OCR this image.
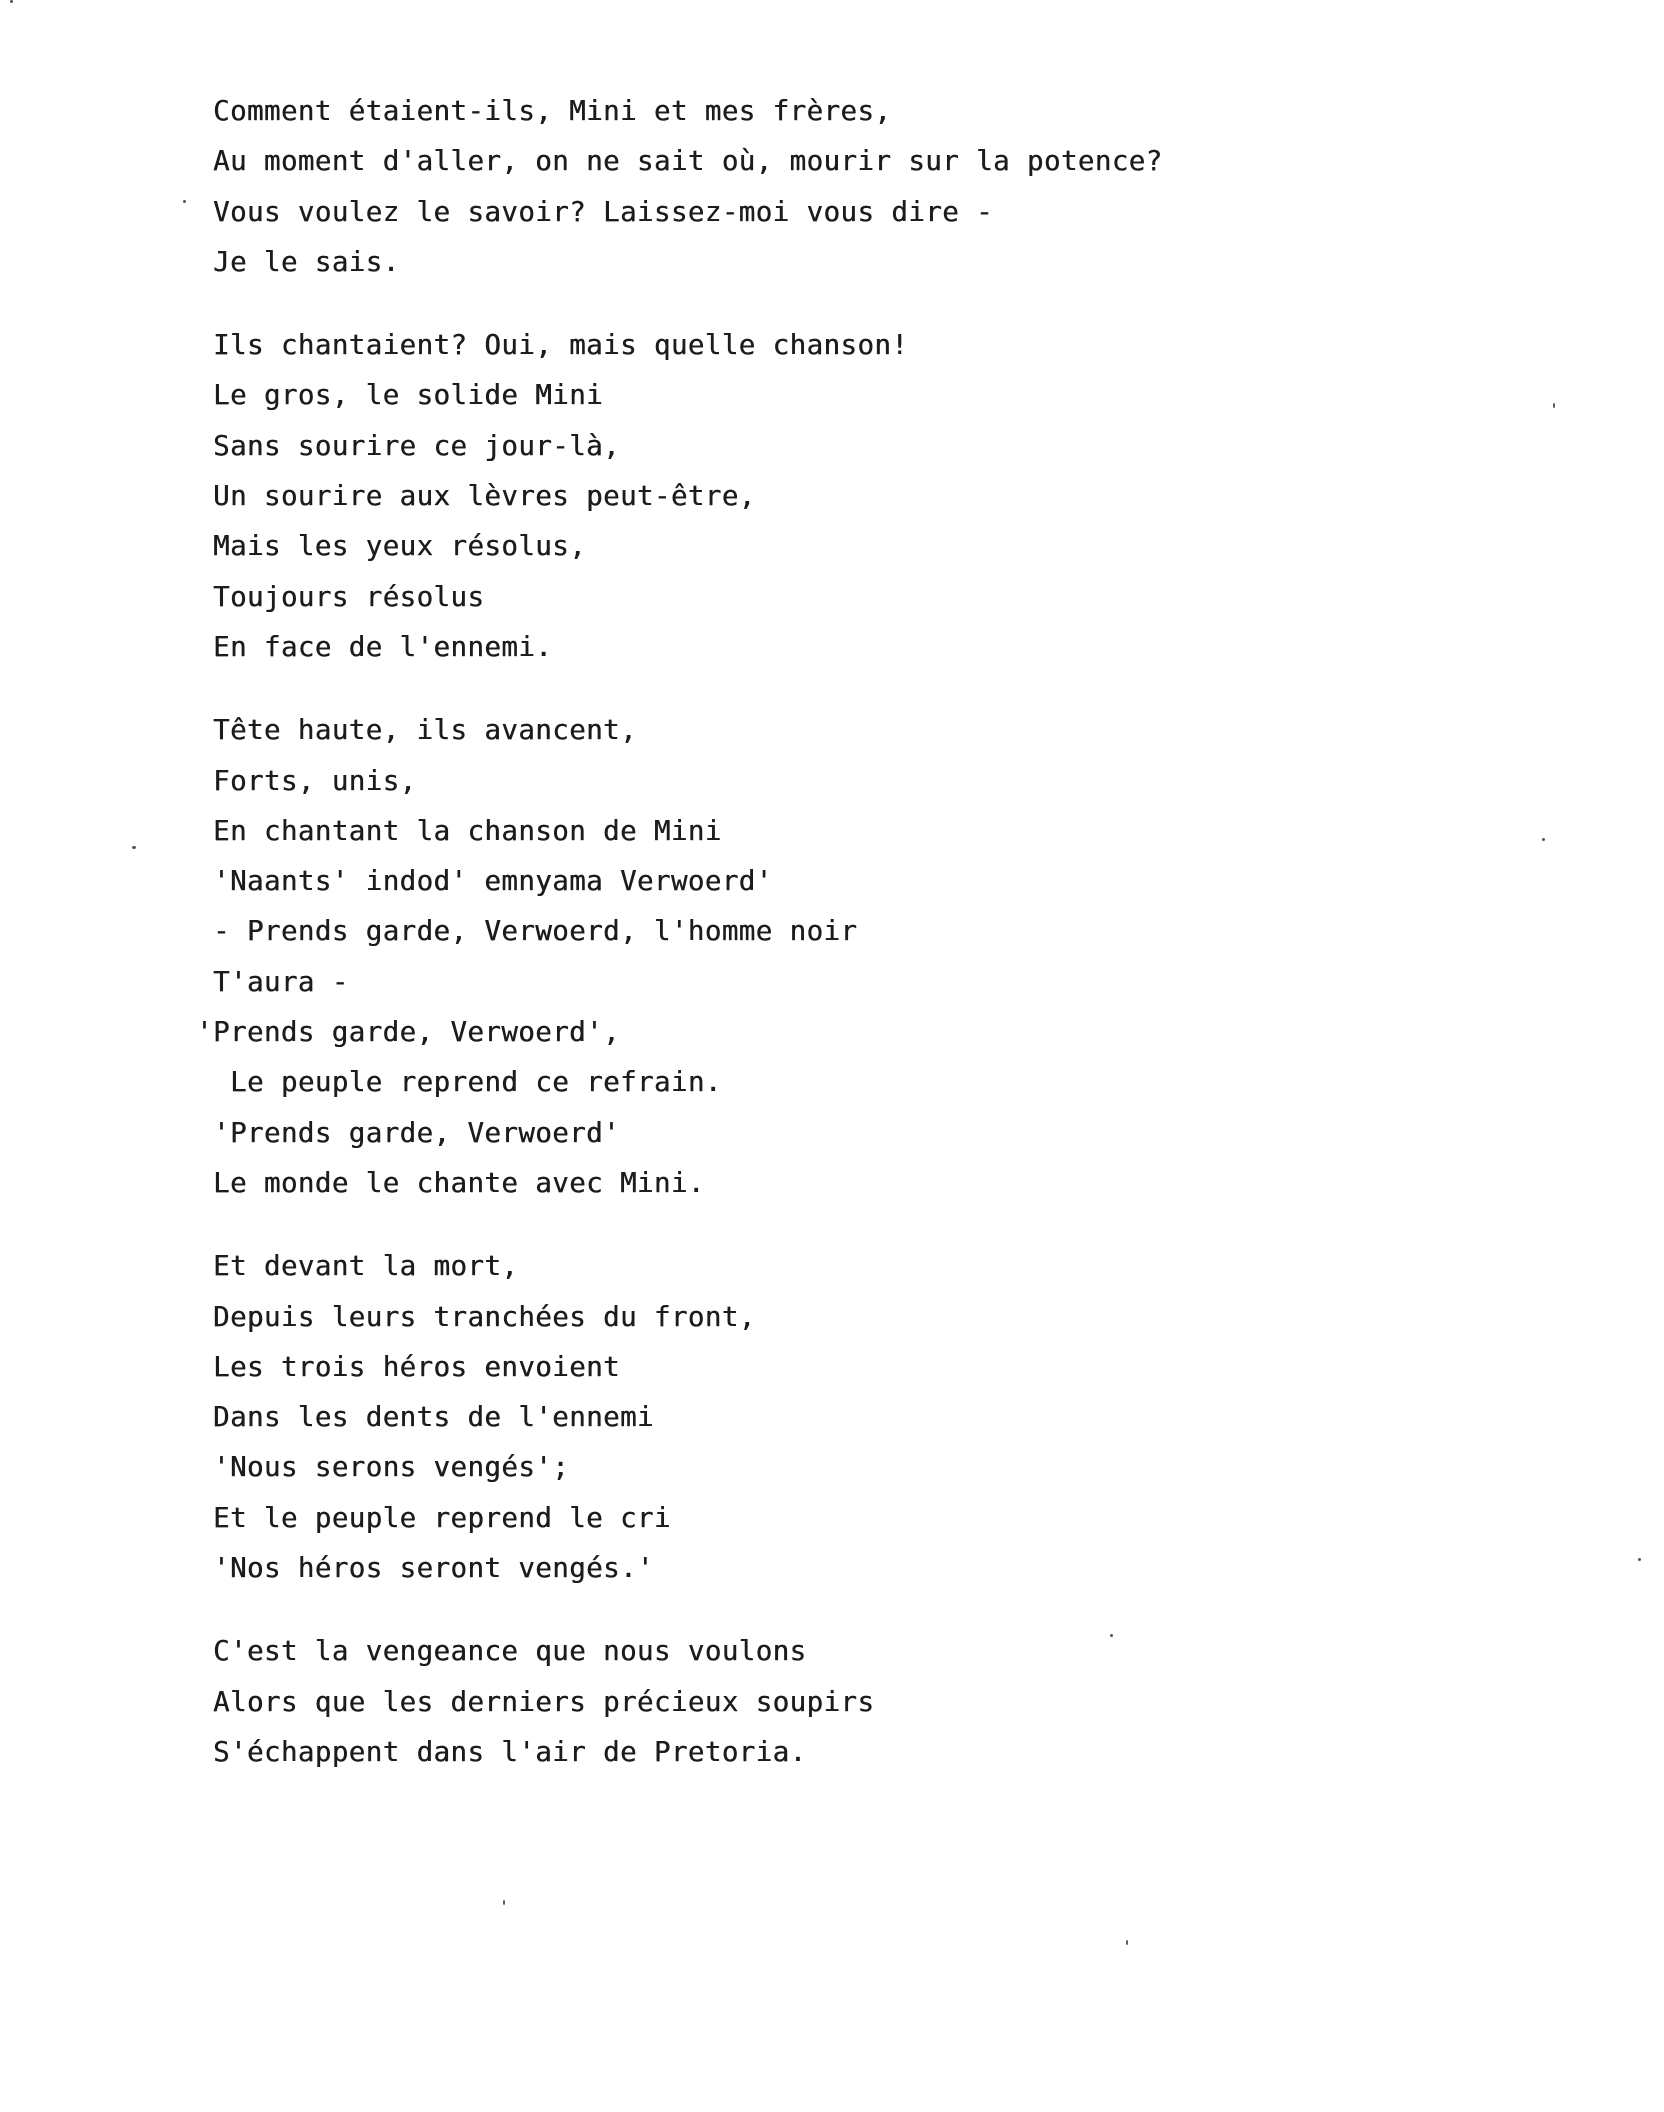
Comment étaient-ils, Mini et mes frères,
Au moment d'aller, on ne sait où, mourir sur la potence?
Vous voulez le savoir? Laissez-moi vous dire -
Je le sais.
Ils chantaient? Oui, mais quelle chanson!
Le gros, le solide Mini
Sans sourire ce jour-là,
Un sourire aux lèvres peut-être,
Mais les yeux résolus,
Toujours résolus
En face de l'ennemi.
Tête haute, ils avancent,
Forts, unis,
En chantant la chanson de Mini
'Naants' indod' emnyama Verwoerd'
- Prends garde, Verwoerd, l'homme noir
T'aura -
'Prends garde, Verwoerd',
Le peuple reprend ce refrain.
'Prends garde, Verwoerd'
Le monde le chante avec Mini.
Et devant la mort,
Depuis leurs tranchées du front,
Les trois héros envoient
Dans les dents de l'ennemi
'Nous serons vengés';
Et le peuple reprend le cri
'Nos héros seront vengés.'
C'est la vengeance que nous voulons
Alors que les derniers précieux soupirs
S'échappent dans l'air de Pretoria.
